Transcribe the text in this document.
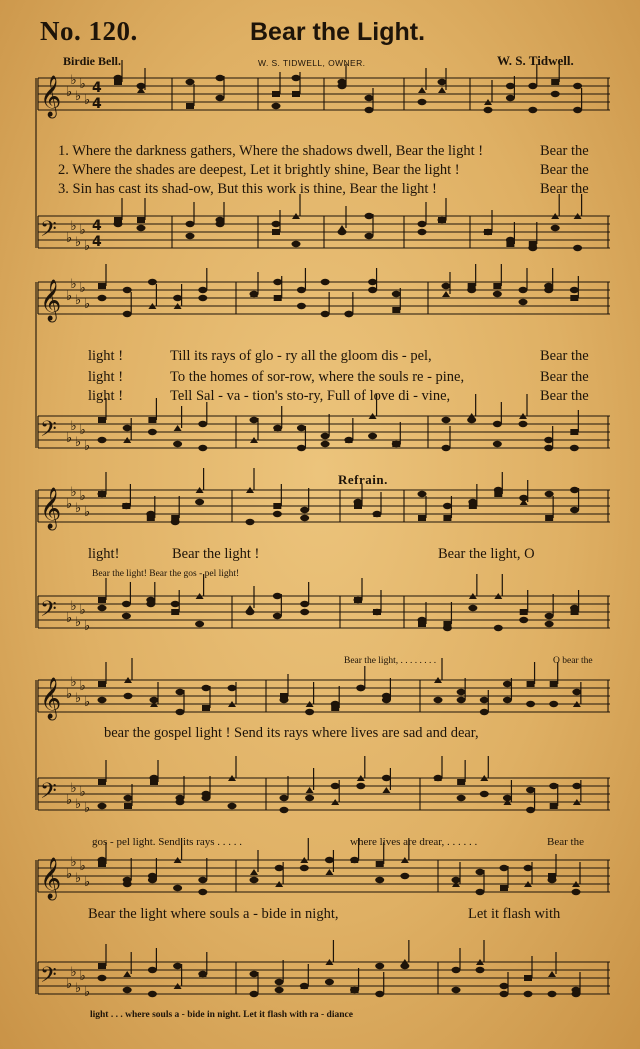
𝄞 ♭
♭
♭
♭
♭
4
4
𝄢 ♭
♭
♭
♭
♭
4
4
𝄞 ♭
♭
♭
♭
♭
𝄢 ♭
♭
♭
♭
♭
𝄞 ♭
♭
♭
♭
♭
𝄢 ♭
♭
♭
♭
♭
𝄞 ♭
♭
♭
♭
♭
𝄢 ♭
♭
♭
♭
♭
𝄞 ♭
♭
♭
♭
♭
𝄢 ♭
♭
♭
♭
♭
No. 120.	Bear the Light.
Birdie Bell.	W. S. TIDWELL, OWNER.	W. S. Tidwell.
1. Where the darkness gathers, Where the shadows dwell, Bear the light !	Bear the
2. Where the shades are deepest, Let it brightly shine, Bear the light !	Bear the
3. Sin has cast its shad-ow, But this work is thine, Bear the light !	Bear the
light !	Till its rays of glo - ry all the gloom dis - pel,	Bear the
light !	To the homes of sor-row, where the souls re - pine,	Bear the
light !	Tell Sal - va - tion's sto-ry, Full of love di - vine,	Bear the
Refrain.
light!	Bear the light !	Bear the light, O
Bear the light! Bear the gos - pel light!
Bear the light, . . . . . . . .	O bear the
bear the gospel light ! Send its rays where lives are sad and dear,
gos - pel light. Send its rays . . . . .	where lives are drear, . . . . . .	Bear the
Bear the light where souls a - bide in night,	Let it flash with
light . . . where souls a - bide in night. Let it flash with ra - diance
